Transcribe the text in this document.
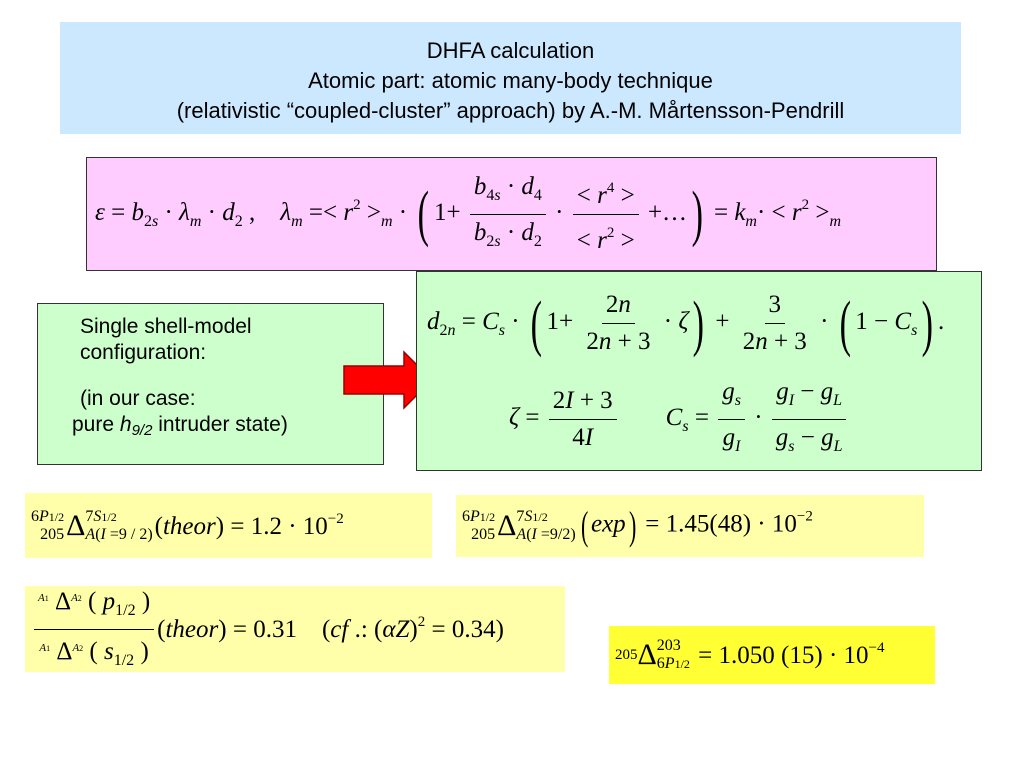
DHFA calculation
Atomic part: atomic many-body technique
(relativistic “coupled-cluster” approach) by A.-M. Mårtensson-Pendrill
$\varepsilon = b_{2s} \cdot \lambda_m \cdot d_2$ ,    $\lambda_m =< r^2 >_m$ · ( $1+ \frac{b_{4s} \cdot d_4}{b_{2s} \cdot d_2} \cdot \frac{< r^4 >}{< r^2 >}$ +…) = $k_m\cdot < r^2 >_m$
Single shell-model
configuration:
(in our case:
pure h9/2 intruder state)
$d_{2n} = C_s$ · ( $1+ \frac{2n}{2n + 3} \cdot \zeta) + \frac{3}{2n + 3}$ · ( $1 - C_s$) .
$\zeta = \frac{2I + 3}{4I} C_s = \frac{g_s}{g_I} \cdot \frac{g_I - g_L}{g_s - g_L}$
6P1/2
205 Δ 7S1/2
A(I =9 / 2) (theor) = $1.2 \cdot 10^{-2}$	6P1/2
205 Δ 7S1/2
A(I =9/2) ( $\exp) = 1.45(48) \cdot 10^{-2}$
$\frac{^{A1} \Delta^{A2} ( p_{1/2} )}{^{A1} \Delta^{A2} ( s_{1/2} )}$ (theor) = 0.31    (cf .: $(\alpha Z)^2 = 0.34$)
205 Δ 203
6P1/2 = 1.050 $(15) \cdot 10^{-4}$
